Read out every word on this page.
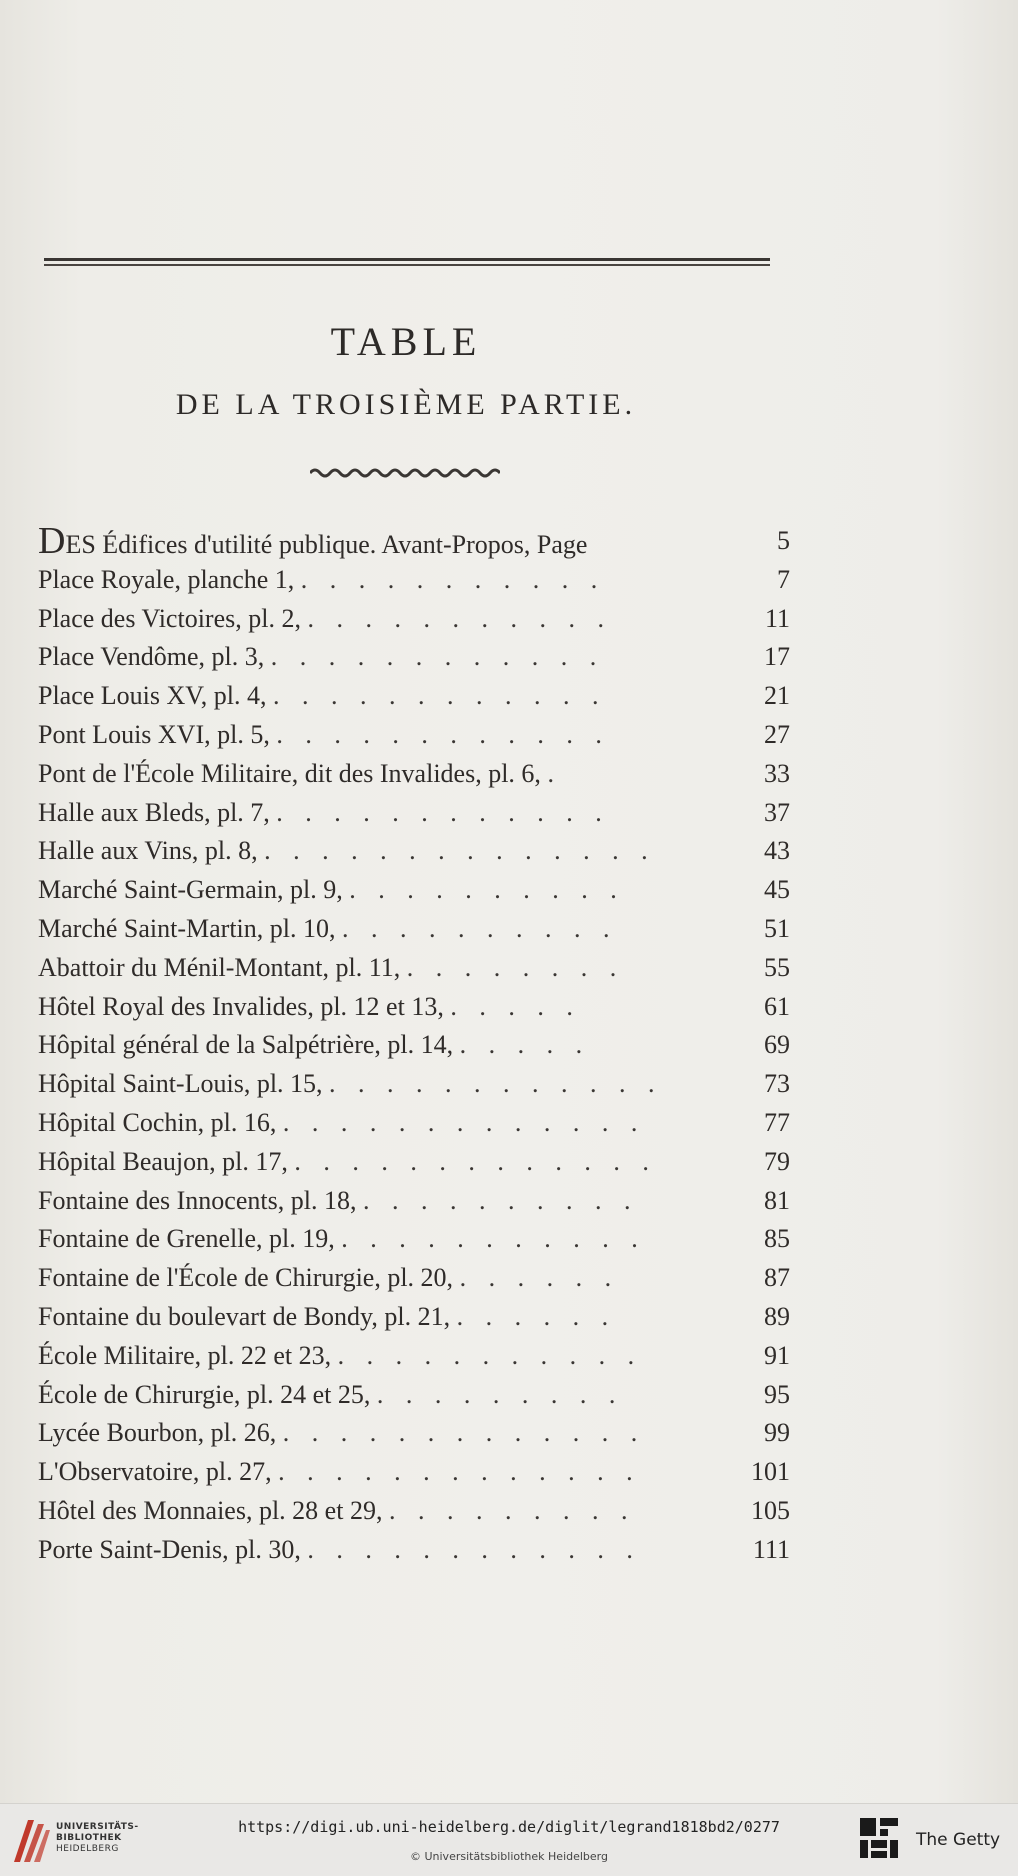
TABLE
DE LA TROISIÈME PARTIE.
DES Édifices d'utilité publique. Avant-Propos, Page	5
Place Royale, planche 1, . . . . . . . . . . .	7
Place des Victoires, pl. 2, . . . . . . . . . . .	11
Place Vendôme, pl. 3, . . . . . . . . . . . .	17
Place Louis XV, pl. 4, . . . . . . . . . . . .	21
Pont Louis XVI, pl. 5, . . . . . . . . . . . .	27
Pont de l'École Militaire, dit des Invalides, pl. 6, .	33
Halle aux Bleds, pl. 7, . . . . . . . . . . . .	37
Halle aux Vins, pl. 8, . . . . . . . . . . . . . .	43
Marché Saint-Germain, pl. 9, . . . . . . . . . .	45
Marché Saint-Martin, pl. 10, . . . . . . . . . .	51
Abattoir du Ménil-Montant, pl. 11, . . . . . . . .	55
Hôtel Royal des Invalides, pl. 12 et 13, . . . . .	61
Hôpital général de la Salpétrière, pl. 14, . . . . .	69
Hôpital Saint-Louis, pl. 15, . . . . . . . . . . . .	73
Hôpital Cochin, pl. 16, . . . . . . . . . . . . .	77
Hôpital Beaujon, pl. 17, . . . . . . . . . . . . .	79
Fontaine des Innocents, pl. 18, . . . . . . . . . .	81
Fontaine de Grenelle, pl. 19, . . . . . . . . . . .	85
Fontaine de l'École de Chirurgie, pl. 20, . . . . . .	87
Fontaine du boulevart de Bondy, pl. 21, . . . . . .	89
École Militaire, pl. 22 et 23, . . . . . . . . . . .	91
École de Chirurgie, pl. 24 et 25, . . . . . . . . .	95
Lycée Bourbon, pl. 26, . . . . . . . . . . . . .	99
L'Observatoire, pl. 27, . . . . . . . . . . . . .	101
Hôtel des Monnaies, pl. 28 et 29, . . . . . . . . .	105
Porte Saint-Denis, pl. 30, . . . . . . . . . . . .	111
UNIVERSITÄTS-
BIBLIOTHEK
HEIDELBERG
https://digi.ub.uni-heidelberg.de/diglit/legrand1818bd2/0277
© Universitätsbibliothek Heidelberg
The Getty
